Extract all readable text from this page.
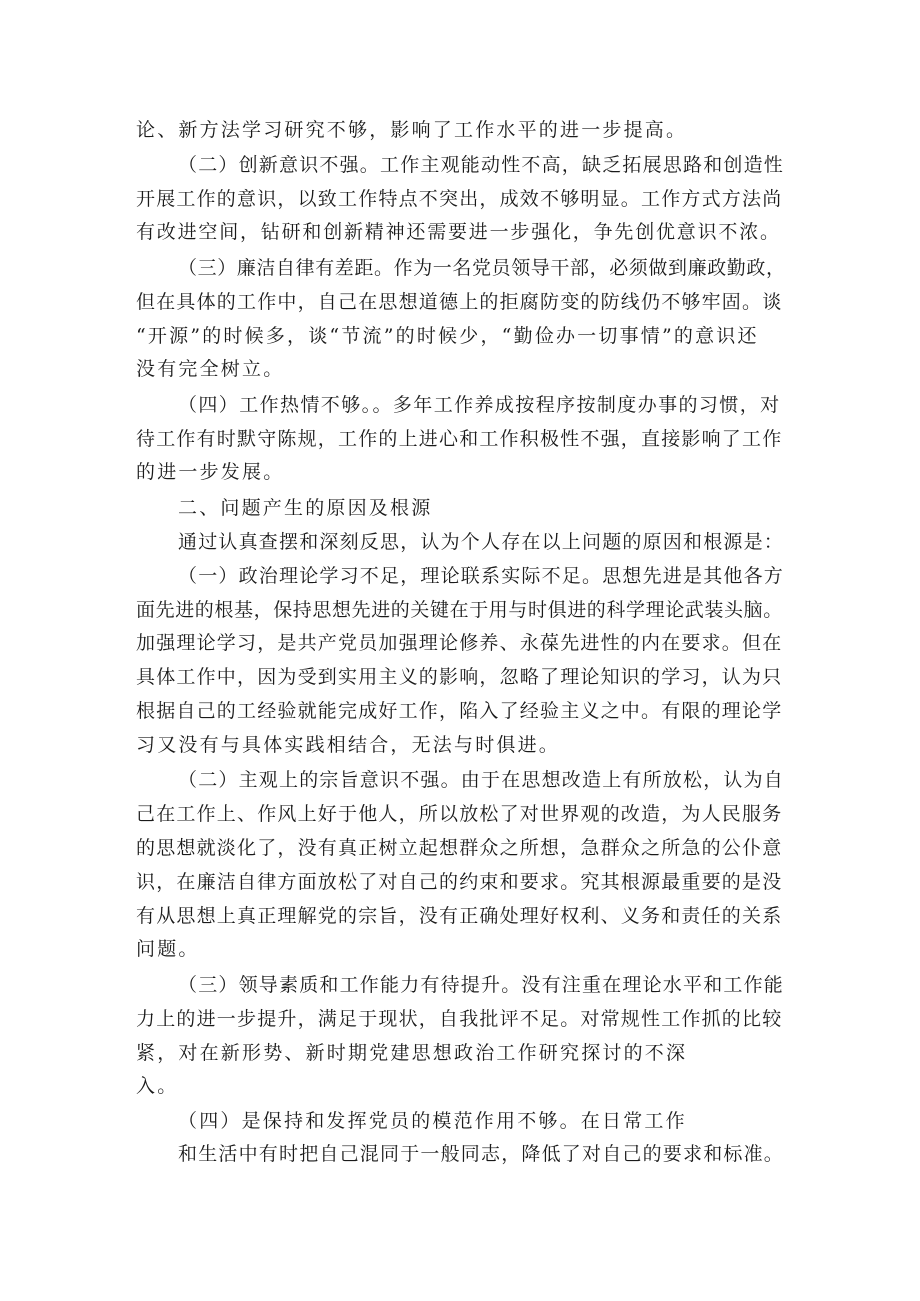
论、新方法学习研究不够，影响了工作水平的进一步提高。
（二）创新意识不强。工作主观能动性不高，缺乏拓展思路和创造性
开展工作的意识，以致工作特点不突出，成效不够明显。工作方式方法尚
有改进空间，钻研和创新精神还需要进一步强化，争先创优意识不浓。
（三）廉洁自律有差距。作为一名党员领导干部，必须做到廉政勤政，
但在具体的工作中，自己在思想道德上的拒腐防变的防线仍不够牢固。谈
“开源”的时候多，谈“节流”的时候少，“勤俭办一切事情”的意识还
没有完全树立。
（四）工作热情不够。。多年工作养成按程序按制度办事的习惯，对
待工作有时默守陈规，工作的上进心和工作积极性不强，直接影响了工作
的进一步发展。
二、问题产生的原因及根源
通过认真查摆和深刻反思，认为个人存在以上问题的原因和根源是：
（一）政治理论学习不足，理论联系实际不足。思想先进是其他各方
面先进的根基，保持思想先进的关键在于用与时俱进的科学理论武装头脑。
加强理论学习，是共产党员加强理论修养、永葆先进性的内在要求。但在
具体工作中，因为受到实用主义的影响，忽略了理论知识的学习，认为只
根据自己的工经验就能完成好工作，陷入了经验主义之中。有限的理论学
习又没有与具体实践相结合，无法与时俱进。
（二）主观上的宗旨意识不强。由于在思想改造上有所放松，认为自
己在工作上、作风上好于他人，所以放松了对世界观的改造，为人民服务
的思想就淡化了，没有真正树立起想群众之所想，急群众之所急的公仆意
识，在廉洁自律方面放松了对自己的约束和要求。究其根源最重要的是没
有从思想上真正理解党的宗旨，没有正确处理好权利、义务和责任的关系
问题。
（三）领导素质和工作能力有待提升。没有注重在理论水平和工作能
力上的进一步提升，满足于现状，自我批评不足。对常规性工作抓的比较
紧，对在新形势、新时期党建思想政治工作研究探讨的不深
入。
（四）是保持和发挥党员的模范作用不够。在日常工作
和生活中有时把自己混同于一般同志，降低了对自己的要求和标准。
